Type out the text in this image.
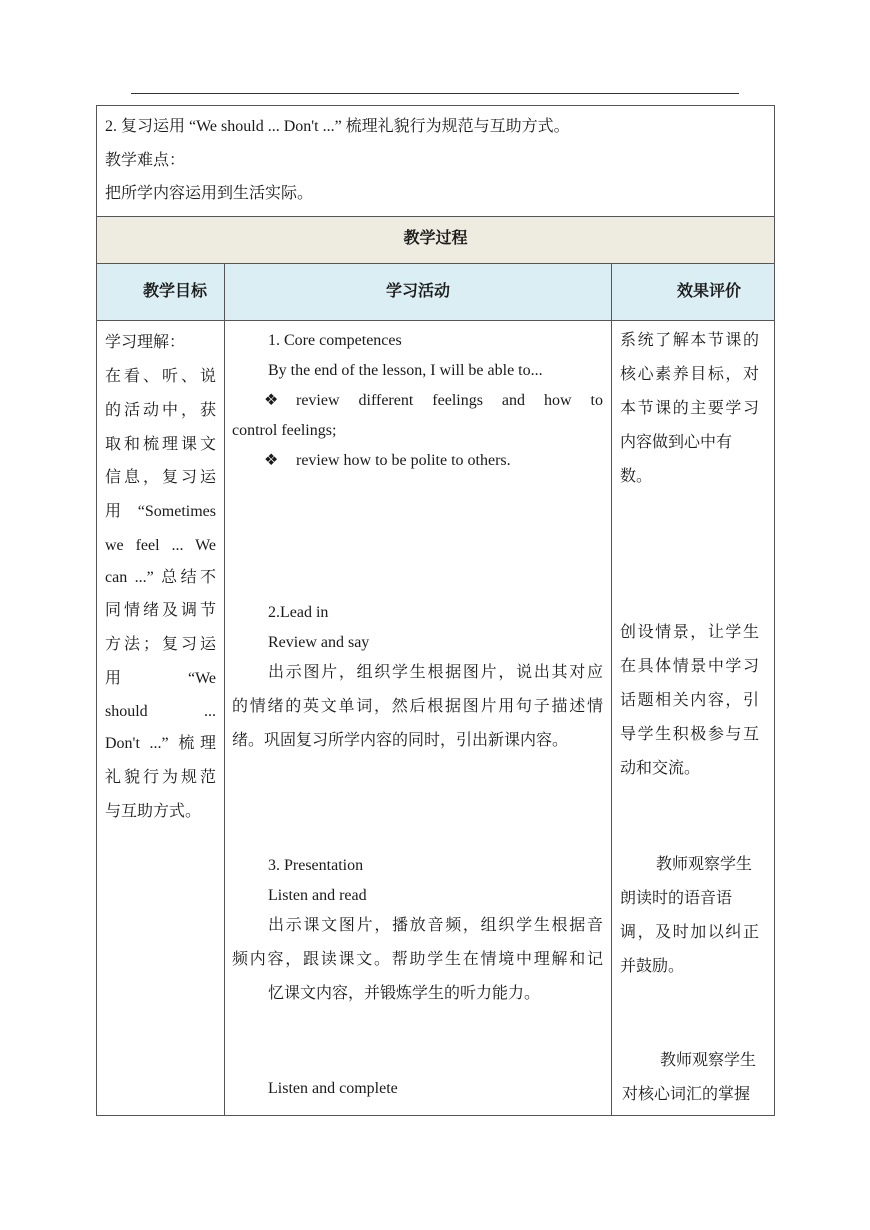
2. 复习运用 “We should ... Don't ...” 梳理礼貌行为规范与互助方式。
教学难点：
把所学内容运用到生活实际。
教学过程
教学目标	学习活动	效果评价
学习理解：
在看、听、说
的活动中，获
取和梳理课文
信息，复习运
用 “Sometimes
we feel ... We
can ...” 总结不
同情绪及调节
方法；复习运
用 “We
should ...
Don't ...” 梳理
礼貌行为规范
与互助方式。
1. Core competences
By the end of the lesson, I will be able to...
❖ review different feelings and how to
control feelings;
❖ review how to be polite to others.
2.Lead in
Review and say
出示图片，组织学生根据图片，说出其对应
的情绪的英文单词，然后根据图片用句子描述情
绪。巩固复习所学内容的同时，引出新课内容。
3. Presentation
Listen and read
出示课文图片，播放音频，组织学生根据音
频内容，跟读课文。帮助学生在情境中理解和记
忆课文内容，并锻炼学生的听力能力。
Listen and complete
系统了解本节课的
核心素养目标，对
本节课的主要学习
内容做到心中有
数。
创设情景，让学生
在具体情景中学习
话题相关内容，引
导学生积极参与互
动和交流。
教师观察学生
朗读时的语音语
调，及时加以纠正
并鼓励。
教师观察学生
对核心词汇的掌握
